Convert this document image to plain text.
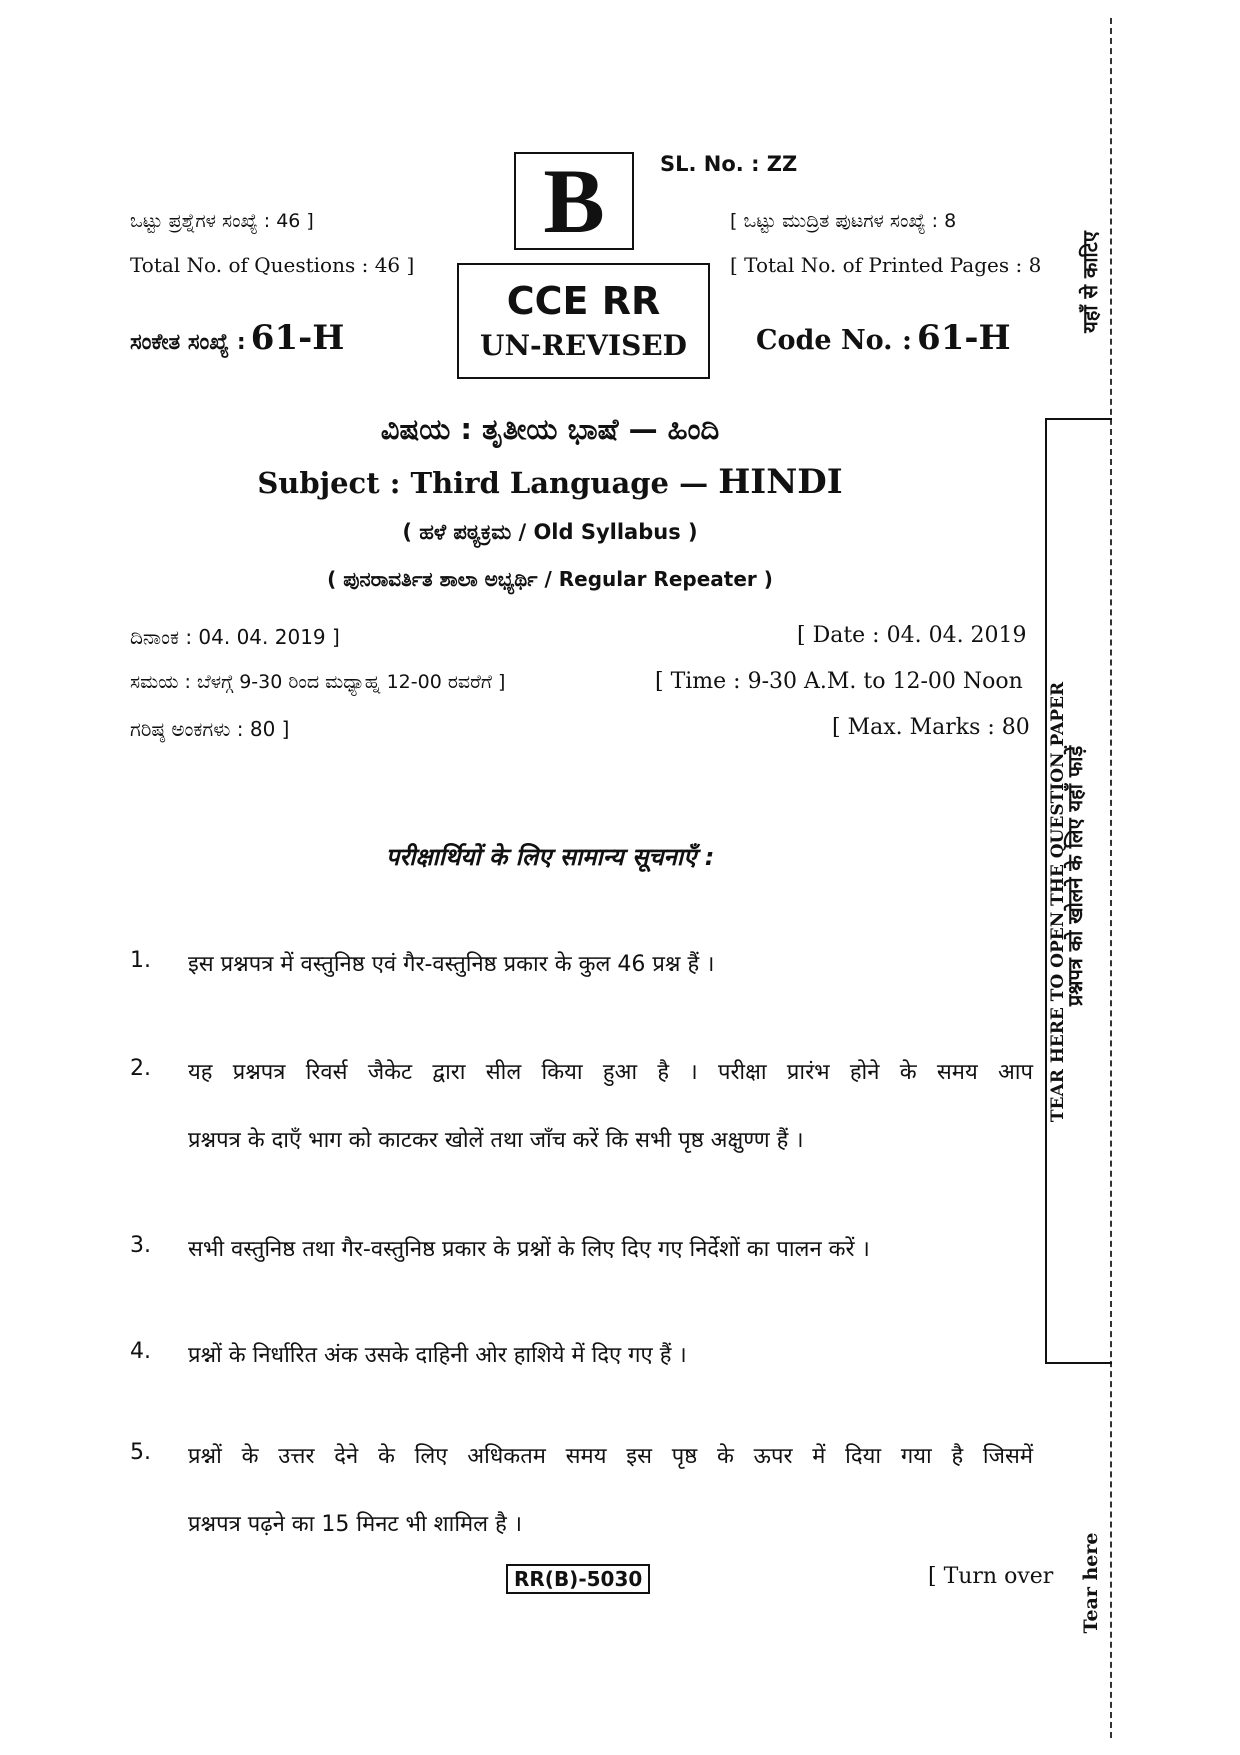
SL. No. : ZZ
B
ಒಟ್ಟು ಪ್ರಶ್ನೆಗಳ ಸಂಖ್ಯೆ : 46 ]
Total No. of Questions : 46 ]
[ ಒಟ್ಟು ಮುದ್ರಿತ ಪುಟಗಳ ಸಂಖ್ಯೆ : 8
[ Total No. of Printed Pages : 8
CCE RR
UN-REVISED
ಸಂಕೇತ ಸಂಖ್ಯೆ : 61-H	Code No. : 61-H
ವಿಷಯ : ತೃತೀಯ ಭಾಷೆ — ಹಿಂದಿ
Subject : Third Language — HINDI
( ಹಳೆ ಪಠ್ಯಕ್ರಮ / Old Syllabus )
( ಪುನರಾವರ್ತಿತ ಶಾಲಾ ಅಭ್ಯರ್ಥಿ / Regular Repeater )
ದಿನಾಂಕ : 04. 04. 2019 ]	[ Date : 04. 04. 2019
ಸಮಯ : ಬೆಳಗ್ಗೆ 9-30 ರಿಂದ ಮಧ್ಯಾಹ್ನ 12-00 ರವರೆಗೆ ]	[ Time : 9-30 A.M. to 12-00 Noon
ಗರಿಷ್ಠ ಅಂಕಗಳು : 80 ]	[ Max. Marks : 80
परीक्षार्थियों के लिए सामान्य सूचनाएँ :
1. इस प्रश्नपत्र में वस्तुनिष्ठ एवं गैर-वस्तुनिष्ठ प्रकार के कुल 46 प्रश्न हैं ।
2. यह प्रश्नपत्र रिवर्स जैकेट द्वारा सील किया हुआ है । परीक्षा प्रारंभ होने के समय आप
प्रश्नपत्र के दाएँ भाग को काटकर खोलें तथा जाँच करें कि सभी पृष्ठ अक्षुण्ण हैं ।
3. सभी वस्तुनिष्ठ तथा गैर-वस्तुनिष्ठ प्रकार के प्रश्नों के लिए दिए गए निर्देशों का पालन करें ।
4. प्रश्नों के निर्धारित अंक उसके दाहिनी ओर हाशिये में दिए गए हैं ।
5. प्रश्नों के उत्तर देने के लिए अधिकतम समय इस पृष्ठ के ऊपर में दिया गया है जिसमें
प्रश्नपत्र पढ़ने का 15 मिनट भी शामिल है ।
RR(B)-5030	[ Turn over
यहाँ से काटिए
TEAR HERE TO OPEN THE QUESTION PAPER
प्रश्नपत्र को खोलने के लिए यहाँ फाड़ें
Tear here
